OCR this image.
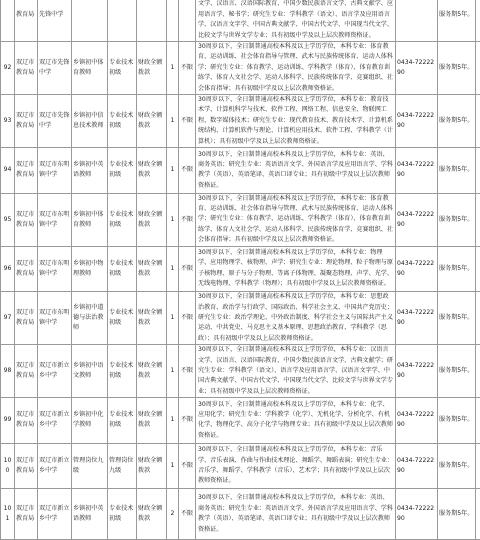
	教育局	先锋中学						文学、汉语言、汉语国际教育、中国少数民族语言文学、古典文献学、应用语言学、秘书学；研究生专业：学科教学（语文）、语言学及应用语言学、汉语言文字学、中国古典文献学、中国古代文学、中国现当代文学、比较文学与世界文学专业；具有初级中学及以上层次教师资格证。		服务期5年。	
92	双辽市教育局	双辽市先锋中学	乡镇初中体育教师	专业技术初级	财政全额拨款	1	不限	30周岁以下，全日制普通高校本科及以上学历学位，本科专业：体育教育、运动训练、社会体育指导与管理、武术与民族传统体育、运动人体科学；研究生专业：体育教学、运动训练、学科教学（体育）、体育教育训练学、体育人文社会学、运动人体科学、民族传统体育学、竞赛组织、社会体育指导；具有初级中学及以上层次教师资格证。	0434-7222290	服务期5年。	
93	双辽市教育局	双辽市先锋中学	乡镇初中信息技术教师	专业技术初级	财政全额拨款	1	不限	30周岁以下，全日制普通高校本科及以上学历学位，本科专业：教育技术学、计算机科学与技术、软件工程、网络工程、信息安全、物联网工程、数字媒体技术；研究生专业：现代教育技术、教育技术学、计算机系统结构、计算机软件与理论、计算机应用技术、软件工程、学科教学（计算机）；具有初级中学及以上层次教师资格证。	0434-7222290	服务期5年。	
94	双辽市教育局	双辽市东明镇中学	乡镇初中英语教师	专业技术初级	财政全额拨款	1	不限	30周岁以下，全日制普通高校本科及以上学历学位，本科专业：英语、商务英语；研究生专业：英语语言文学、外国语言学及应用语言学、学科教学（英语）、英语笔译、英语口译专业；具有初级中学及以上层次教师资格证。	0434-7222290	服务期5年。	
95	双辽市教育局	双辽市东明镇中学	乡镇初中体育教师	专业技术初级	财政全额拨款	1	不限	30周岁以下，全日制普通高校本科及以上学历学位，本科专业：体育教育、运动训练、社会体育指导与管理、武术与民族传统体育、运动人体科学；研究生专业：体育教学、运动训练、学科教学（体育）、体育教育训练学、体育人文社会学、运动人体科学、民族传统体育学、竞赛组织、社会体育指导；具有初级中学及以上层次教师资格证。	0434-7222290	服务期5年。	
96	双辽市教育局	双辽市东明镇中学	乡镇初中物理教师	专业技术初级	财政全额拨款	1	不限	30周岁以下，全日制普通高校本科及以上学历学位，本科专业：物理学、应用物理学、核物理、声学；研究生专业：理论物理、粒子物理与原子核物理、原子与分子物理、等离子体物理、凝聚态物理、声学、光学、无线电物理、学科教学（物理）；具有初级中学及以上层次教师资格证。	0434-7222290	服务期5年。	
97	双辽市教育局	双辽市东明镇中学	乡镇初中道德与法治教师	专业技术初级	财政全额拨款	1	不限	30周岁以下，全日制普通高校本科及以上学历学位，本科专业：思想政治教育、政治学与行政学、国际政治、科学社会主义、中国共产党历史；研究生专业：政治学理论、中外政治制度、科学社会主义与国际共产主义运动、中共党史、马克思主义基本原理、思想政治教育、学科教学（思政）；具有初级中学及以上层次教师资格证。	0434-7222290	服务期5年。	
98	双辽市教育局	双辽市新立乡中学	乡镇初中语文教师	专业技术初级	财政全额拨款	1	不限	30周岁以下，全日制普通高校本科及以上学历学位，本科专业：汉语言文学、汉语言、汉语国际教育、中国少数民族语言文学、古典文献学；研究生专业：学科教学（语文）、语言学及应用语言学、汉语言文字学、中国古典文献学、中国古代文学、中国现当代文学、比较文学与世界文学专业；具有初级中学及以上层次教师资格证。	0434-7222290	服务期5年。	
99	双辽市教育局	双辽市新立乡中学	乡镇初中化学教师	专业技术初级	财政全额拨款	1	不限	30周岁以下，全日制普通高校本科及以上学历学位，本科专业：化学、应用化学；研究生专业：学科教学（化学）、无机化学、分析化学、有机化学、物理化学、高分子化学与物理专业；具有初级中学及以上层次教师资格证。	0434-7222290	服务期5年。	
100	双辽市教育局	双辽市新立乡中学	管理岗位九级	管理岗位九级	财政全额拨款	1	不限	30周岁以下，全日制普通高校本科及以上学历学位，本科专业：音乐学、音乐表演、作曲与作曲技术理论、舞蹈学、舞蹈表演；研究生专业：音乐学、舞蹈学、学科教学（音乐）、艺术学；具有初级中学及以上层次教师资格证。	0434-7222290	服务期5年。	
101	双辽市教育局	双辽市新立乡中学	乡镇初中英语教师	专业技术初级	财政全额拨款	2	不限	30周岁以下，全日制普通高校本科及以上学历学位，本科专业：英语、商务英语；研究生专业：英语语言文学、外国语言学及应用语言学、学科教学（英语）、英语笔译、英语口译专业；具有初级中学及以上层次教师资格证。	0434-7222290	服务期5年。	
